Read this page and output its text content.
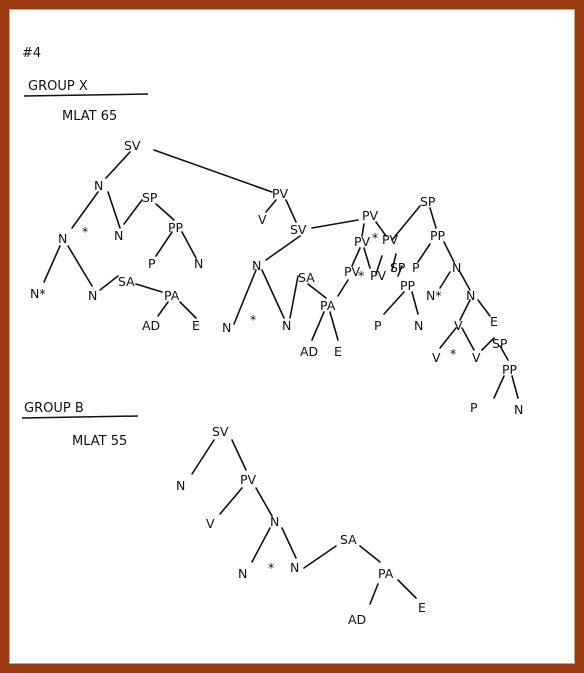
#4
GROUP X
MLAT 65
GROUP B
MLAT 55
SV
N
N * N
SP
PP
P	N
N*	N
SA
PA
AD	E
PV
V
SV
N
N
* N
SA
PA
AD E
PV
PV * PV
PV
* PV
SP
PP
P	N
SP
PP
P	N
N* N
E
V
V * V
SP
PP
P	N
SV
N	PV
V	N
N * N
SA
PA
AD
E
